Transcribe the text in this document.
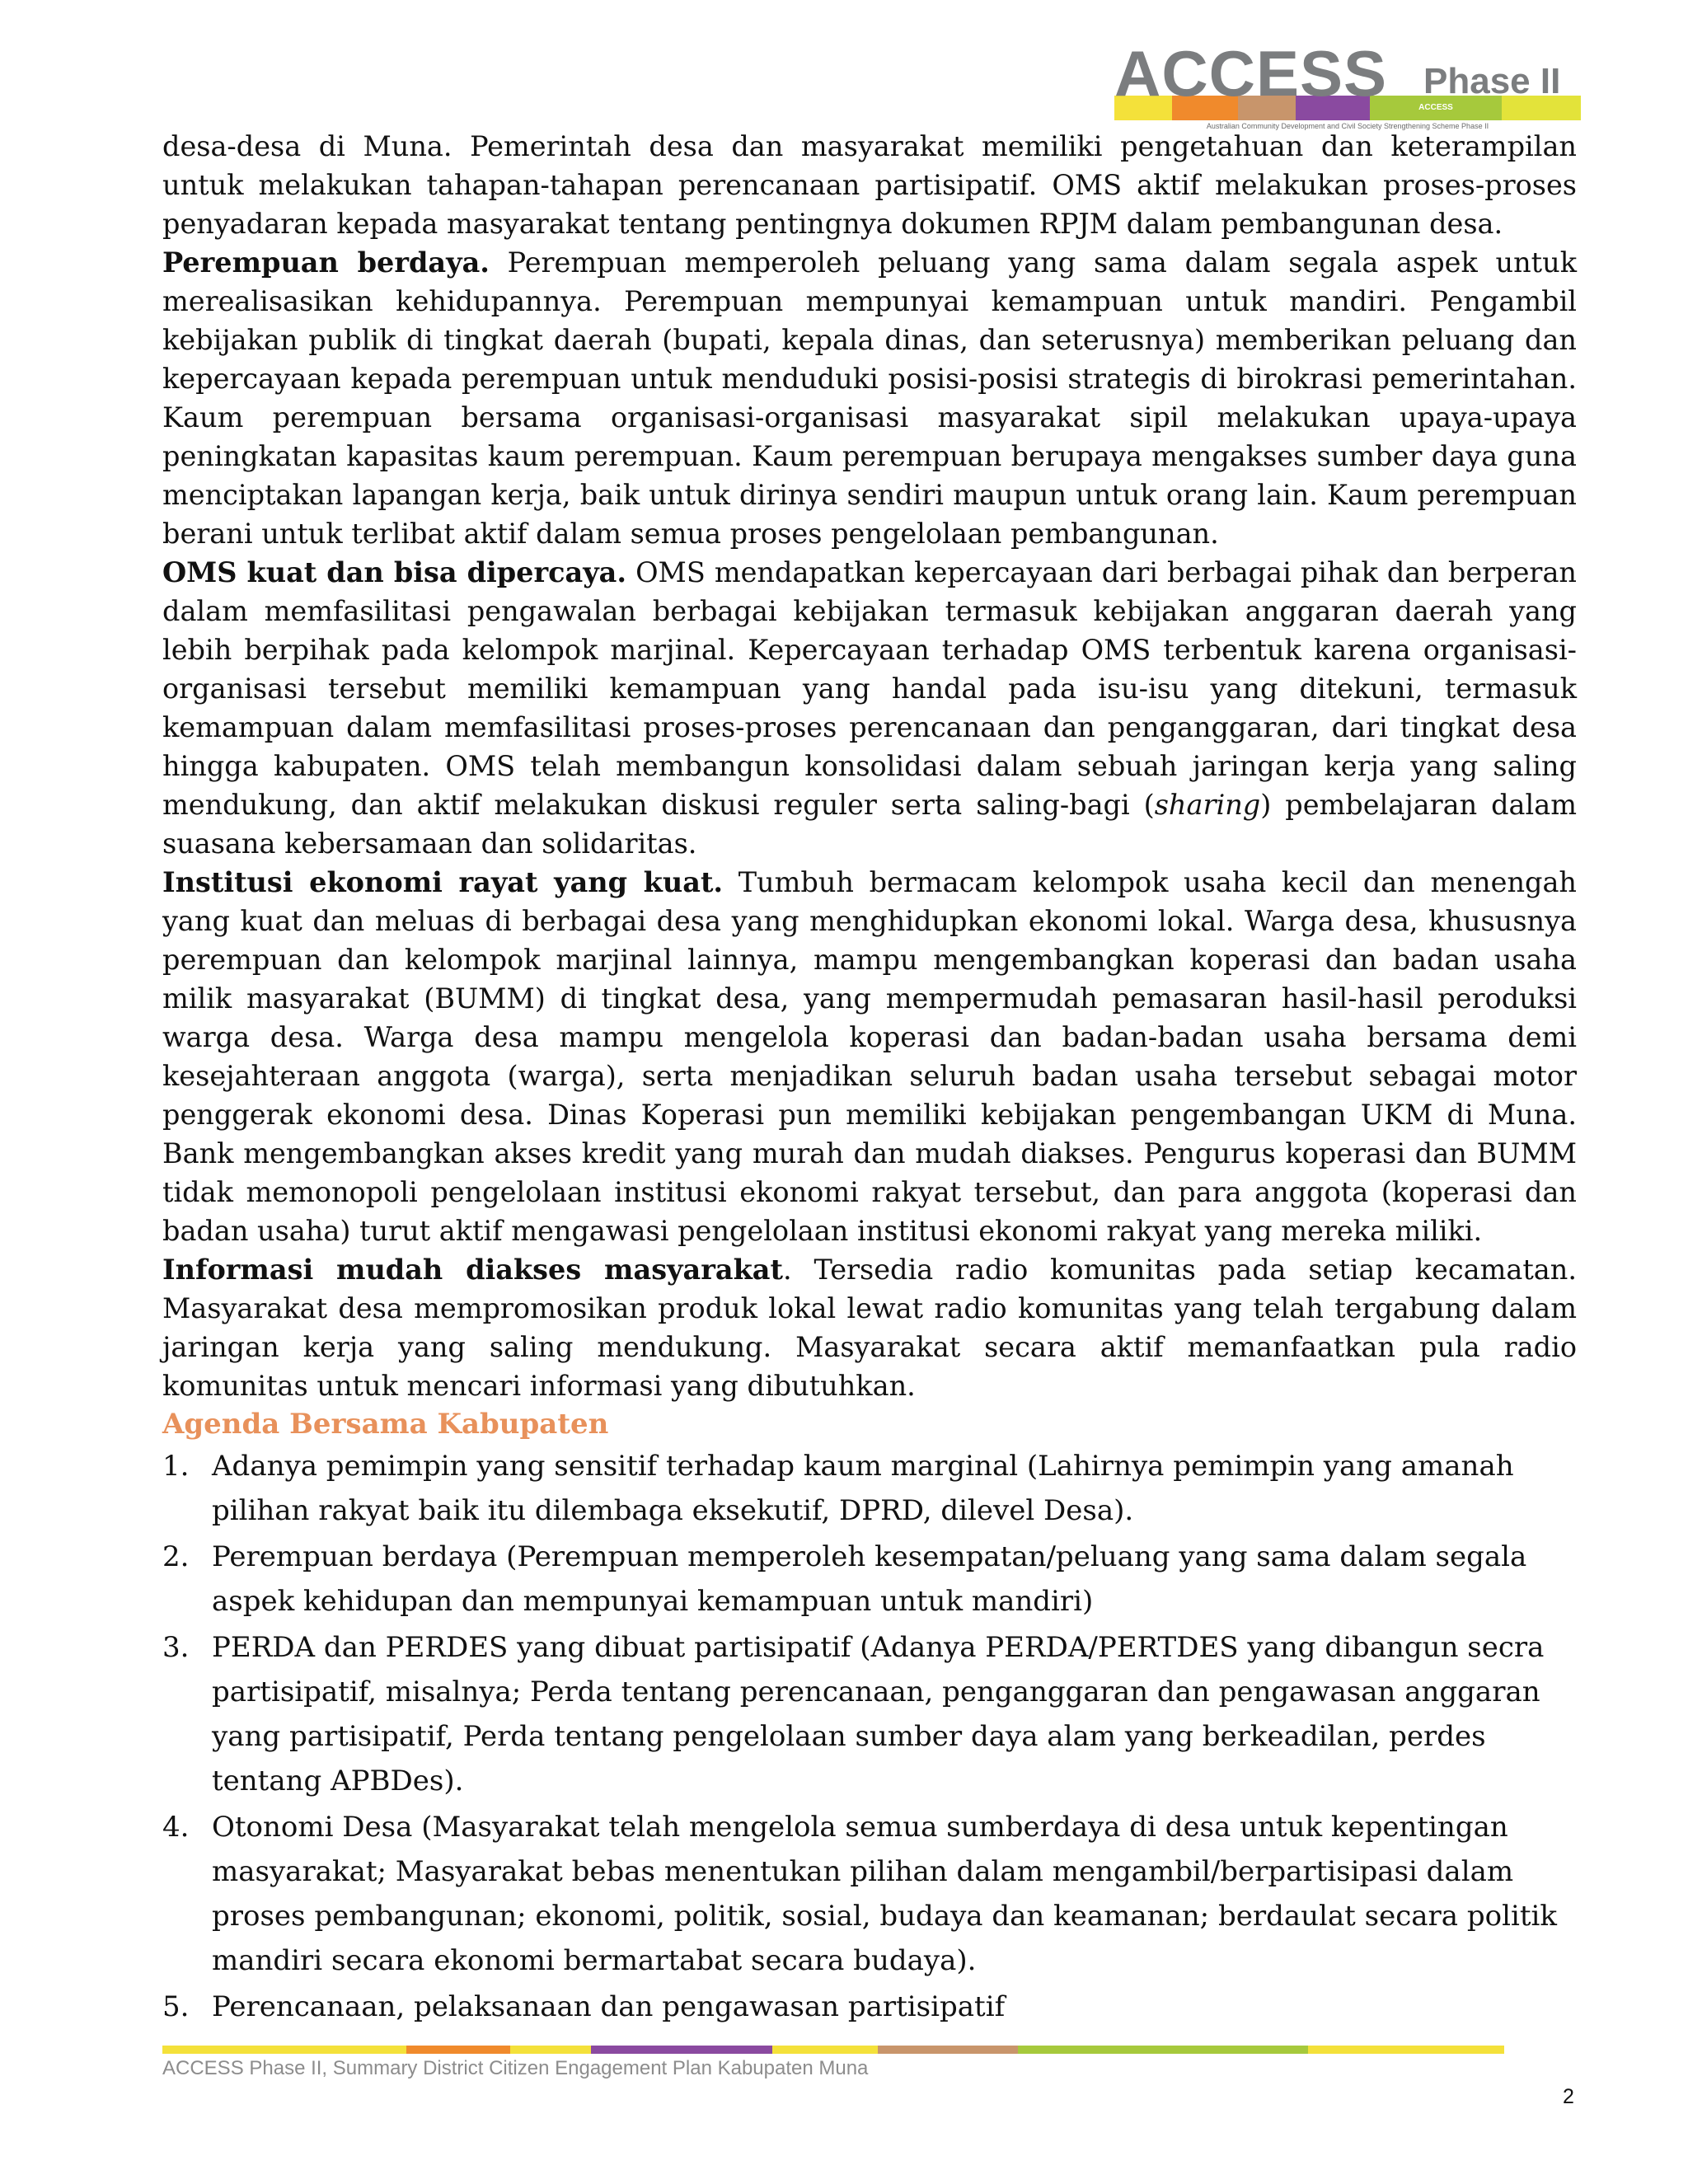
ACCESS Phase II
ACCESS
Australian Community Development and Civil Society Strengthening Scheme Phase II

desa-desa di Muna. Pemerintah desa dan masyarakat memiliki pengetahuan dan keterampilan untuk melakukan tahapan-tahapan perencanaan partisipatif. OMS aktif melakukan proses-proses penyadaran kepada masyarakat tentang pentingnya dokumen RPJM dalam pembangunan desa.

Perempuan berdaya. Perempuan memperoleh peluang yang sama dalam segala aspek untuk merealisasikan kehidupannya. Perempuan mempunyai kemampuan untuk mandiri. Pengambil kebijakan publik di tingkat daerah (bupati, kepala dinas, dan seterusnya) memberikan peluang dan kepercayaan kepada perempuan untuk menduduki posisi-posisi strategis di birokrasi pemerintahan. Kaum perempuan bersama organisasi-organisasi masyarakat sipil melakukan upaya-upaya peningkatan kapasitas kaum perempuan. Kaum perempuan berupaya mengakses sumber daya guna menciptakan lapangan kerja, baik untuk dirinya sendiri maupun untuk orang lain. Kaum perempuan berani untuk terlibat aktif dalam semua proses pengelolaan pembangunan.

OMS kuat dan bisa dipercaya. OMS mendapatkan kepercayaan dari berbagai pihak dan berperan dalam memfasilitasi pengawalan berbagai kebijakan termasuk kebijakan anggaran daerah yang lebih berpihak pada kelompok marjinal. Kepercayaan terhadap OMS terbentuk karena organisasi-organisasi tersebut memiliki kemampuan yang handal pada isu-isu yang ditekuni, termasuk kemampuan dalam memfasilitasi proses-proses perencanaan dan penganggaran, dari tingkat desa hingga kabupaten. OMS telah membangun konsolidasi dalam sebuah jaringan kerja yang saling mendukung, dan aktif melakukan diskusi reguler serta saling-bagi (sharing) pembelajaran dalam suasana kebersamaan dan solidaritas.

Institusi ekonomi rayat yang kuat. Tumbuh bermacam kelompok usaha kecil dan menengah yang kuat dan meluas di berbagai desa yang menghidupkan ekonomi lokal. Warga desa, khususnya perempuan dan kelompok marjinal lainnya, mampu mengembangkan koperasi dan badan usaha milik masyarakat (BUMM) di tingkat desa, yang mempermudah pemasaran hasil-hasil peroduksi warga desa. Warga desa mampu mengelola koperasi dan badan-badan usaha bersama demi kesejahteraan anggota (warga), serta menjadikan seluruh badan usaha tersebut sebagai motor penggerak ekonomi desa. Dinas Koperasi pun memiliki kebijakan pengembangan UKM di Muna. Bank mengembangkan akses kredit yang murah dan mudah diakses. Pengurus koperasi dan BUMM tidak memonopoli pengelolaan institusi ekonomi rakyat tersebut, dan para anggota (koperasi dan badan usaha) turut aktif mengawasi pengelolaan institusi ekonomi rakyat yang mereka miliki.

Informasi mudah diakses masyarakat. Tersedia radio komunitas pada setiap kecamatan. Masyarakat desa mempromosikan produk lokal lewat radio komunitas yang telah tergabung dalam jaringan kerja yang saling mendukung. Masyarakat secara aktif memanfaatkan pula radio komunitas untuk mencari informasi yang dibutuhkan.

Agenda Bersama Kabupaten

1. Adanya pemimpin yang sensitif terhadap kaum marginal (Lahirnya pemimpin yang amanah pilihan rakyat baik itu dilembaga eksekutif, DPRD, dilevel Desa).
2. Perempuan berdaya (Perempuan memperoleh kesempatan/peluang yang sama dalam segala aspek kehidupan dan mempunyai kemampuan untuk mandiri)
3. PERDA dan PERDES yang dibuat partisipatif (Adanya PERDA/PERTDES yang dibangun secra partisipatif, misalnya; Perda tentang perencanaan, penganggaran dan pengawasan anggaran yang partisipatif, Perda tentang pengelolaan sumber daya alam yang berkeadilan, perdes tentang APBDes).
4. Otonomi Desa (Masyarakat telah mengelola semua sumberdaya di desa untuk kepentingan masyarakat; Masyarakat bebas menentukan pilihan dalam mengambil/berpartisipasi dalam proses pembangunan; ekonomi, politik, sosial, budaya dan keamanan; berdaulat secara politik mandiri secara ekonomi bermartabat secara budaya).
5. Perencanaan, pelaksanaan dan pengawasan partisipatif
ACCESS Phase II, Summary District Citizen Engagement Plan Kabupaten Muna
2
